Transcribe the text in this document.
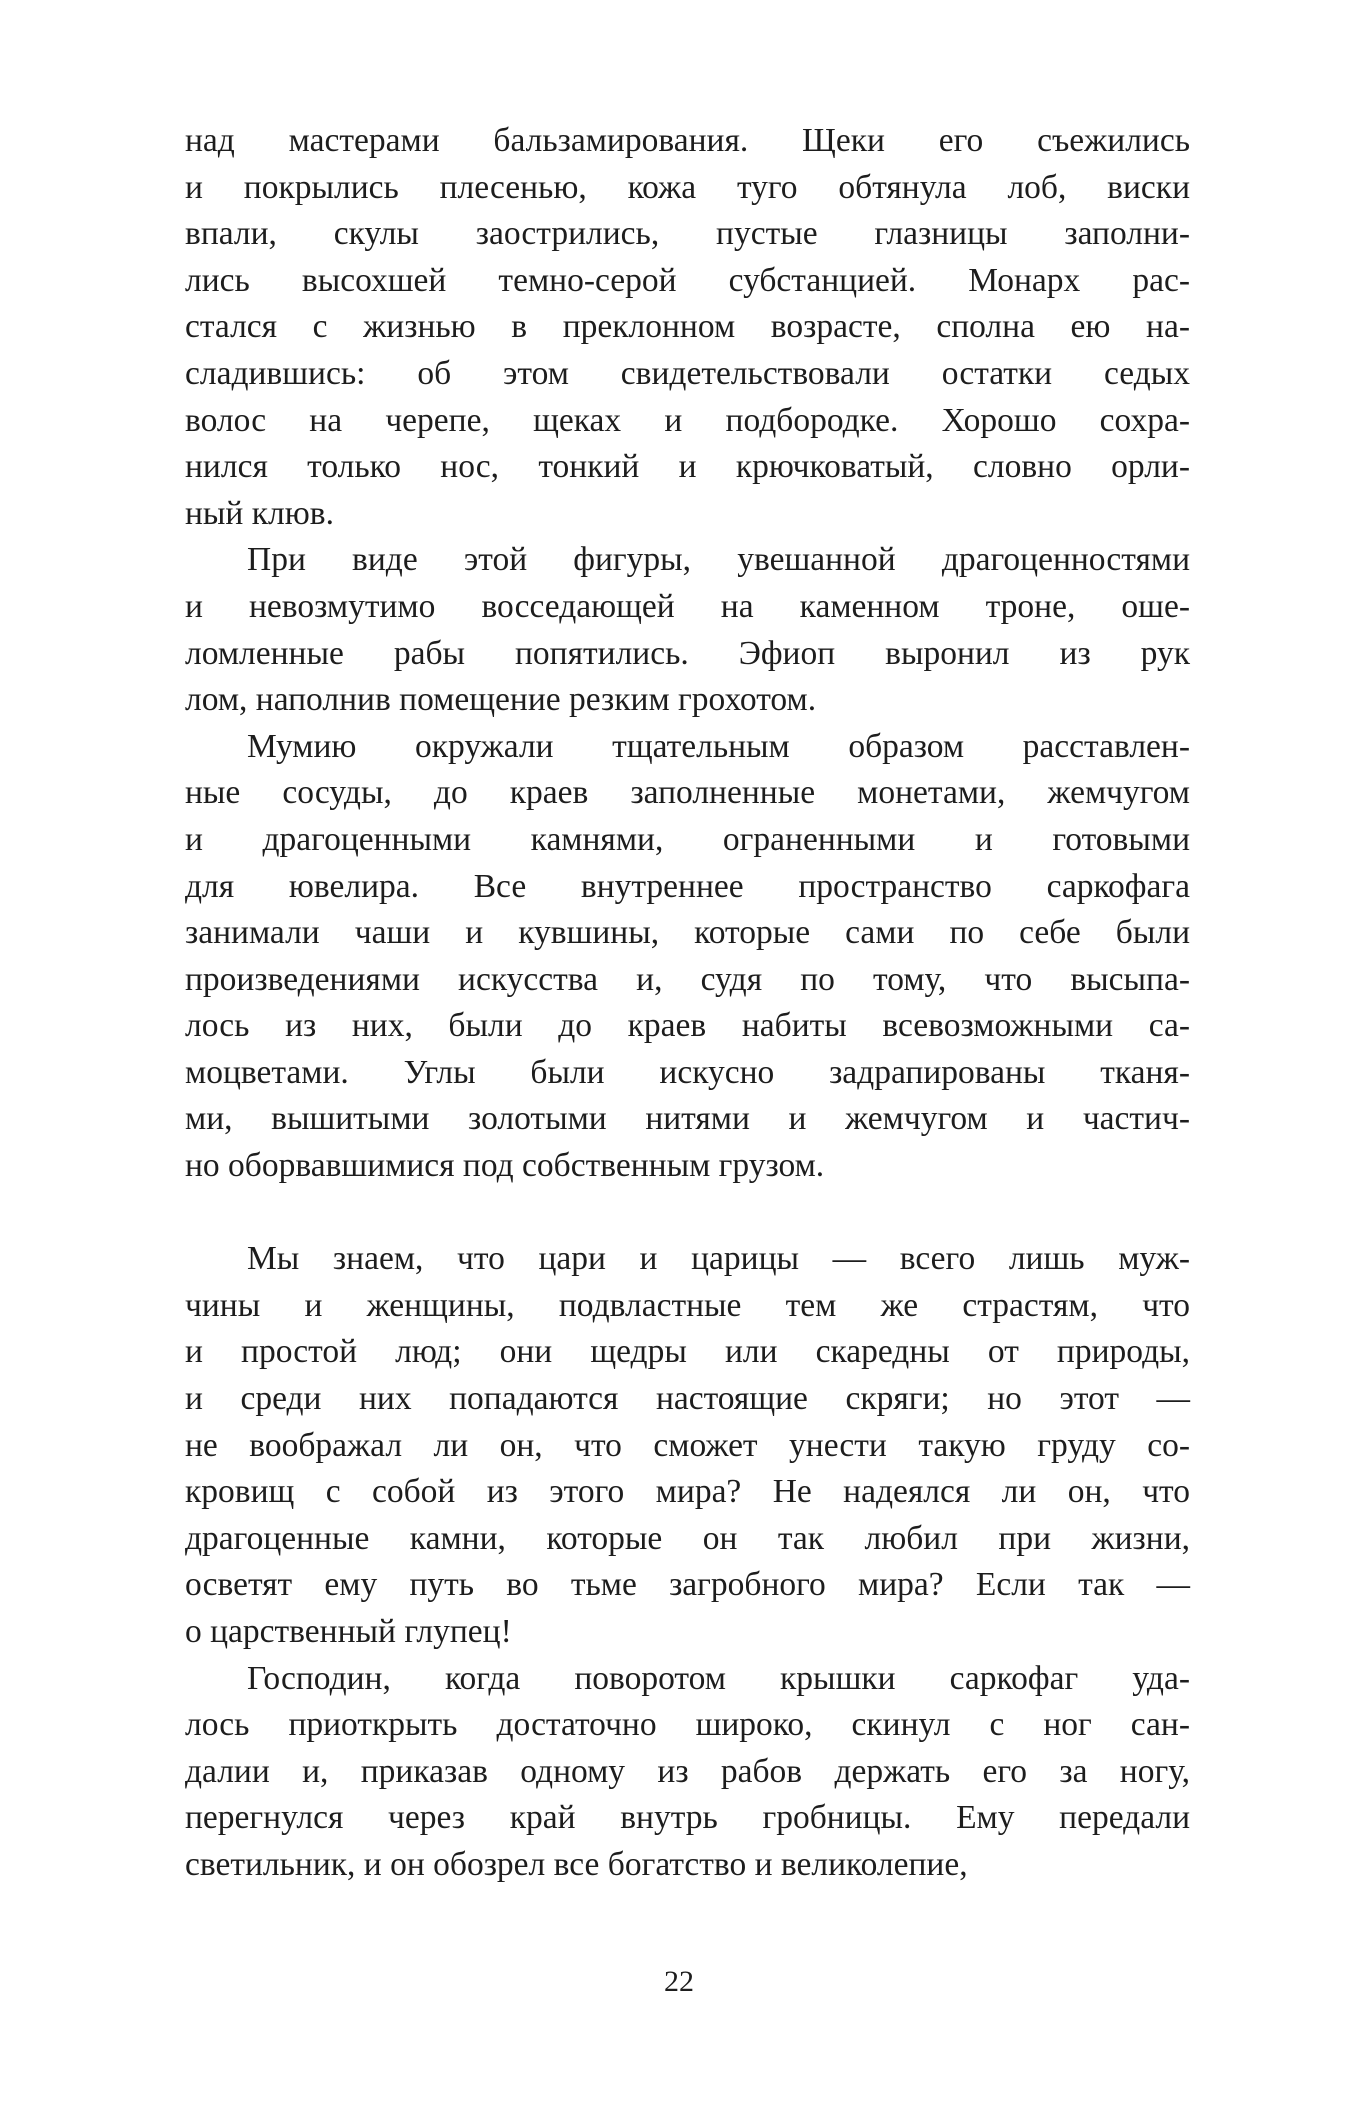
над мастерами бальзамирования. Щеки его съежились
и покрылись плесенью, кожа туго обтянула лоб, виски
впали, скулы заострились, пустые глазницы заполни-
лись высохшей темно-серой субстанцией. Монарх рас-
стался с жизнью в преклонном возрасте, сполна ею на-
сладившись: об этом свидетельствовали остатки седых
волос на черепе, щеках и подбородке. Хорошо сохра-
нился только нос, тонкий и крючковатый, словно орли-
ный клюв.
При виде этой фигуры, увешанной драгоценностями
и невозмутимо восседающей на каменном троне, оше-
ломленные рабы попятились. Эфиоп выронил из рук
лом, наполнив помещение резким грохотом.
Мумию окружали тщательным образом расставлен-
ные сосуды, до краев заполненные монетами, жемчугом
и драгоценными камнями, ограненными и готовыми
для ювелира. Все внутреннее пространство саркофага
занимали чаши и кувшины, которые сами по себе были
произведениями искусства и, судя по тому, что высыпа-
лось из них, были до краев набиты всевозможными са-
моцветами. Углы были искусно задрапированы тканя-
ми, вышитыми золотыми нитями и жемчугом и частич-
но оборвавшимися под собственным грузом.
Мы знаем, что цари и царицы — всего лишь муж-
чины и женщины, подвластные тем же страстям, что
и простой люд; они щедры или скаредны от природы,
и среди них попадаются настоящие скряги; но этот —
не воображал ли он, что сможет унести такую груду со-
кровищ с собой из этого мира? Не надеялся ли он, что
драгоценные камни, которые он так любил при жизни,
осветят ему путь во тьме загробного мира? Если так —
о царственный глупец!
Господин, когда поворотом крышки саркофаг уда-
лось приоткрыть достаточно широко, скинул с ног сан-
далии и, приказав одному из рабов держать его за ногу,
перегнулся через край внутрь гробницы. Ему передали
светильник, и он обозрел все богатство и великолепие,
22
